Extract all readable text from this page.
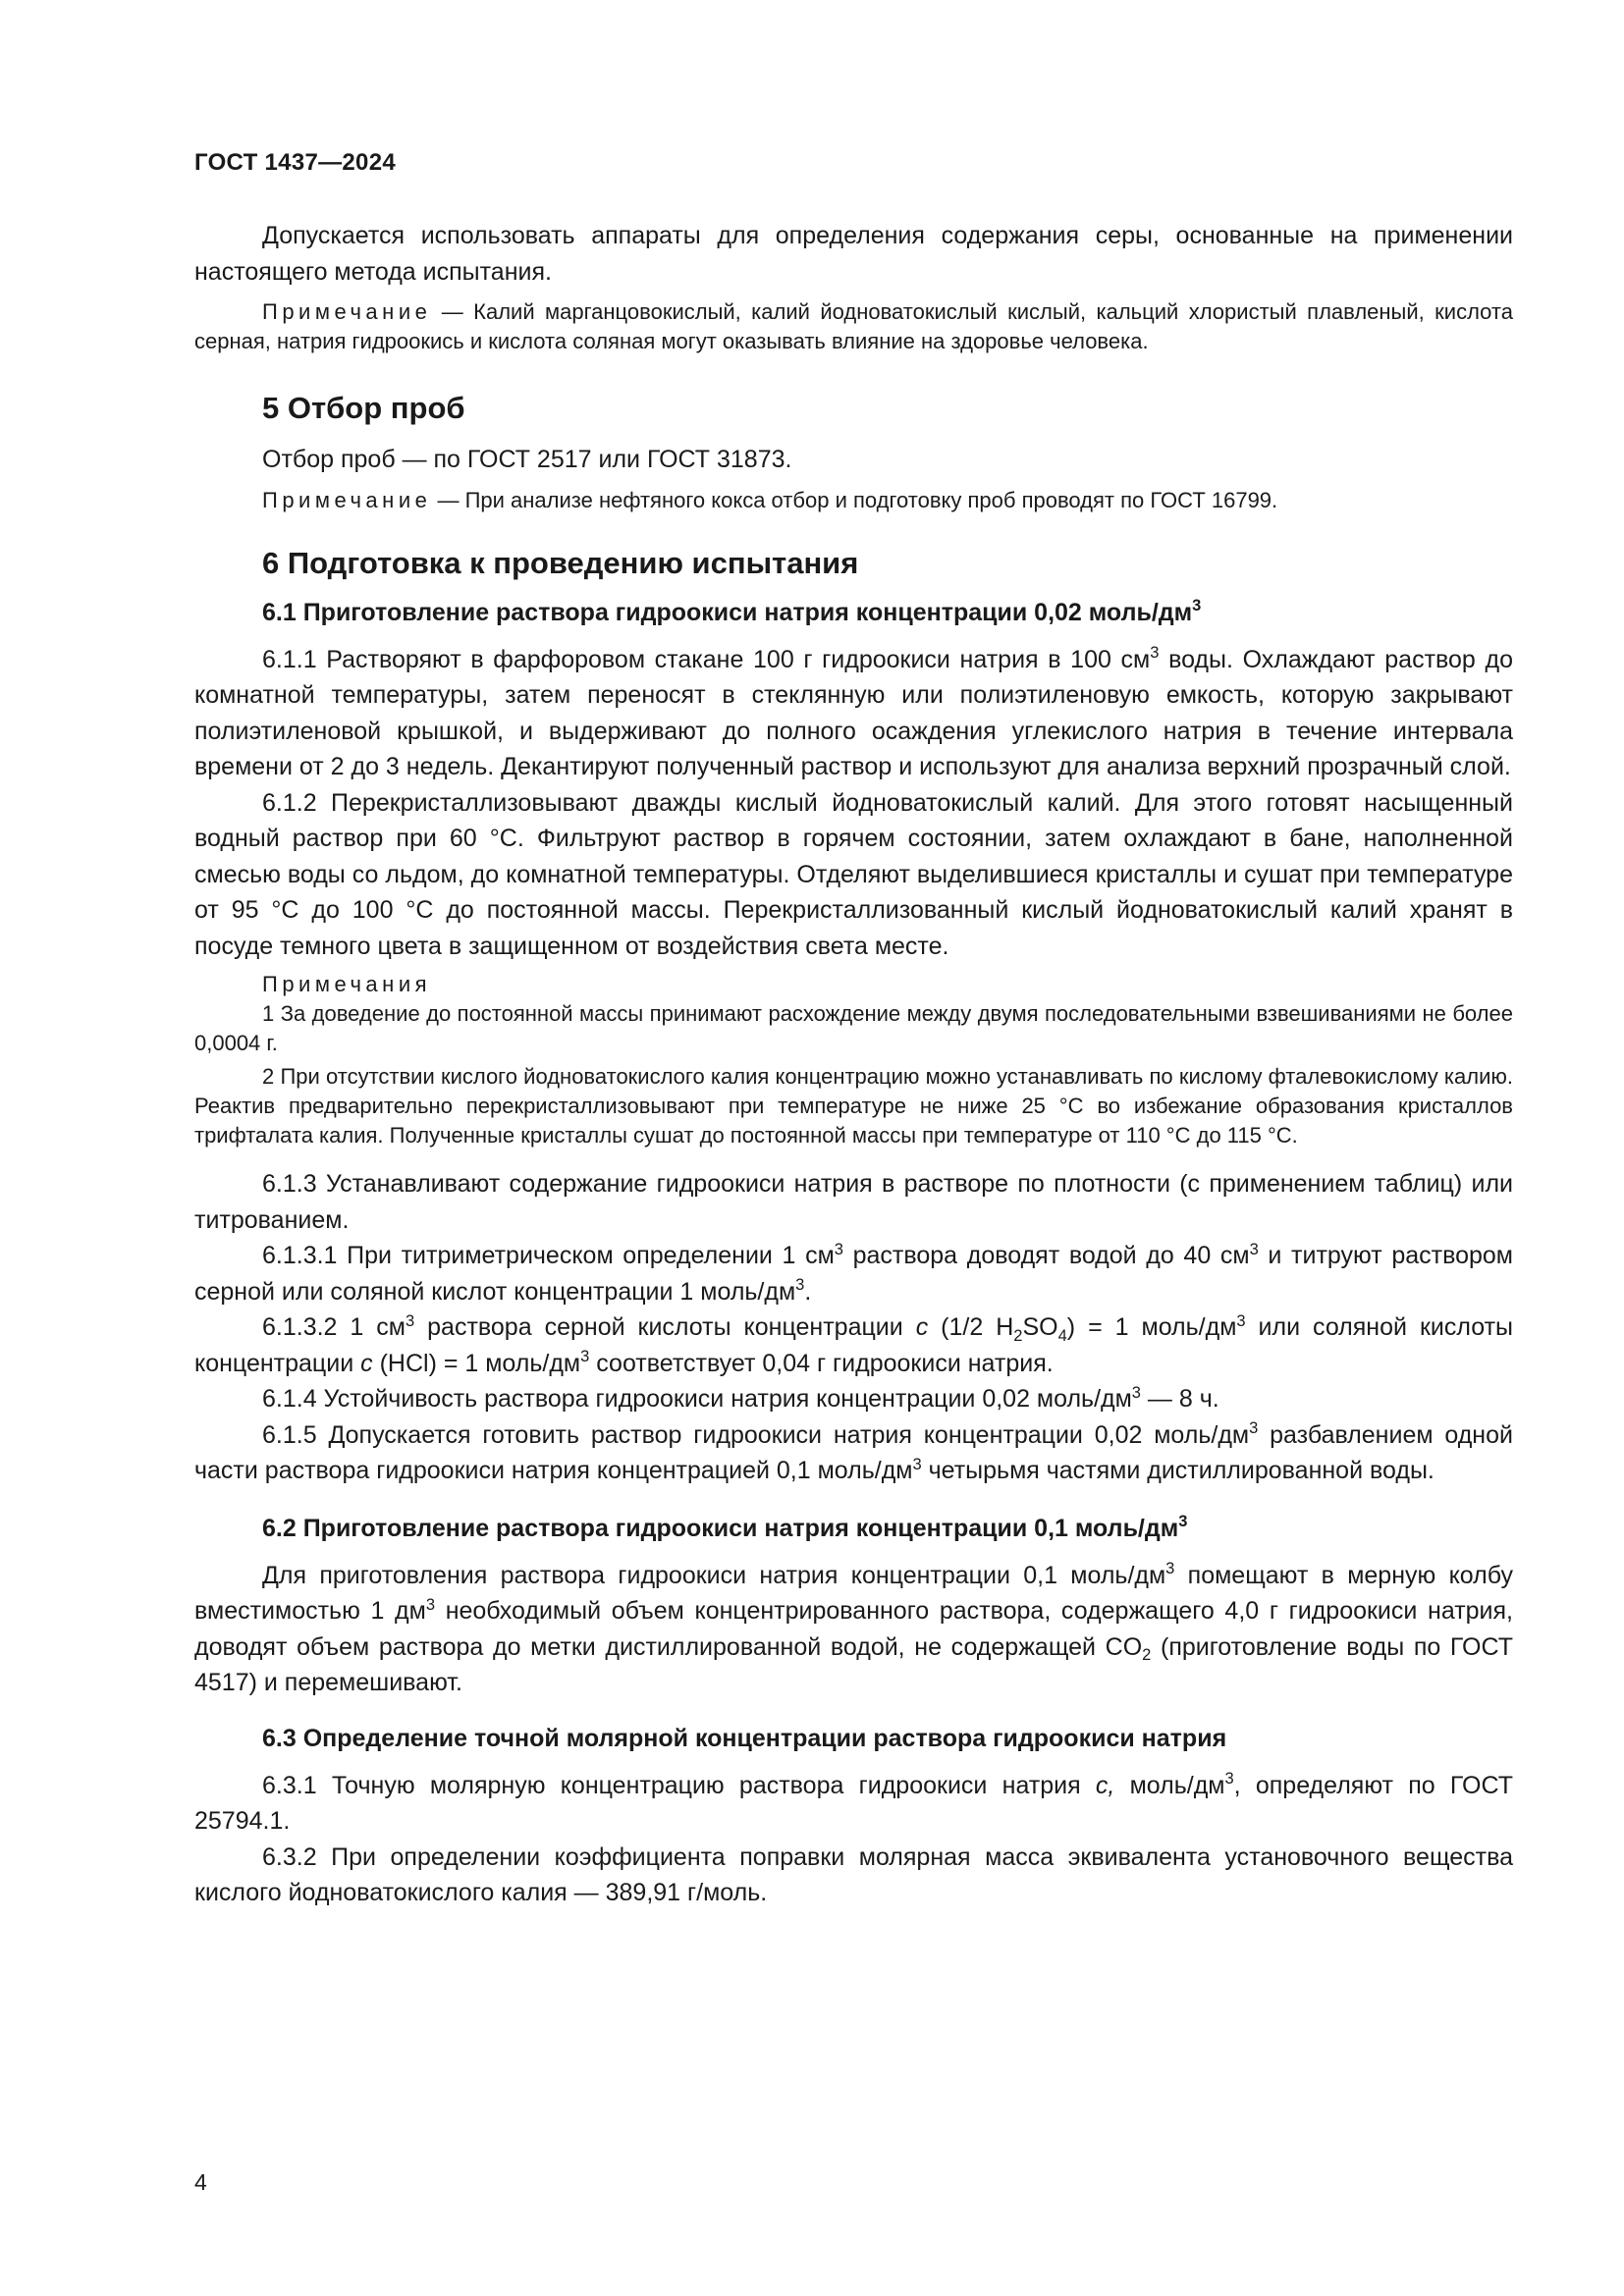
ГОСТ 1437—2024

Допускается использовать аппараты для определения содержания серы, основанные на применении настоящего метода испытания.

Примечание — Калий марганцовокислый, калий йодноватокислый кислый, кальций хлористый плавленый, кислота серная, натрия гидроокись и кислота соляная могут оказывать влияние на здоровье человека.

5 Отбор проб

Отбор проб — по ГОСТ 2517 или ГОСТ 31873.

Примечание — При анализе нефтяного кокса отбор и подготовку проб проводят по ГОСТ 16799.

6 Подготовка к проведению испытания
6.1 Приготовление раствора гидроокиси натрия концентрации 0,02 моль/$дм^3$

6.1.1 Растворяют в фарфоровом стакане 100 г гидроокиси натрия в 100 $см^3$ воды. Охлаждают раствор до комнатной температуры, затем переносят в стеклянную или полиэтиленовую емкость, которую закрывают полиэтиленовой крышкой, и выдерживают до полного осаждения углекислого натрия в течение интервала времени от 2 до 3 недель. Декантируют полученный раствор и используют для анализа верхний прозрачный слой.

6.1.2 Перекристаллизовывают дважды кислый йодноватокислый калий. Для этого готовят насыщенный водный раствор при 60 °С. Фильтруют раствор в горячем состоянии, затем охлаждают в бане, наполненной смесью воды со льдом, до комнатной температуры. Отделяют выделившиеся кристаллы и сушат при температуре от 95 °С до 100 °С до постоянной массы. Перекристаллизованный кислый йодноватокислый калий хранят в посуде темного цвета в защищенном от воздействия света месте.

Примечания

1 За доведение до постоянной массы принимают расхождение между двумя последовательными взвешиваниями не более 0,0004 г.

2 При отсутствии кислого йодноватокислого калия концентрацию можно устанавливать по кислому фталевокислому калию. Реактив предварительно перекристаллизовывают при температуре не ниже 25 °С во избежание образования кристаллов трифталата калия. Полученные кристаллы сушат до постоянной массы при температуре от 110 °С до 115 °С.

6.1.3 Устанавливают содержание гидроокиси натрия в растворе по плотности (с применением таблиц) или титрованием.

6.1.3.1 При титриметрическом определении 1 $см^3$ раствора доводят водой до 40 $см^3$ и титруют раствором серной или соляной кислот концентрации 1 моль/$дм^3$.

6.1.3.2 1 $см^3$ раствора серной кислоты концентрации c (1/2 $H_2SO_4) = 1$ моль/$дм^3$ или соляной кислоты концентрации c (HCl) = 1 моль/$дм^3$ соответствует 0,04 г гидроокиси натрия.

6.1.4 Устойчивость раствора гидроокиси натрия концентрации 0,02 моль/$дм^3$ — 8 ч.

6.1.5 Допускается готовить раствор гидроокиси натрия концентрации 0,02 моль/$дм^3$ разбавлением одной части раствора гидроокиси натрия концентрацией 0,1 моль/$дм^3$ четырьмя частями дистиллированной воды.

6.2 Приготовление раствора гидроокиси натрия концентрации 0,1 моль/$дм^3$

Для приготовления раствора гидроокиси натрия концентрации 0,1 моль/$дм^3$ помещают в мерную колбу вместимостью 1 $дм^3$ необходимый объем концентрированного раствора, содержащего 4,0 г гидроокиси натрия, доводят объем раствора до метки дистиллированной водой, не содержащей $CO_2$ (приготовление воды по ГОСТ 4517) и перемешивают.

6.3 Определение точной молярной концентрации раствора гидроокиси натрия

6.3.1 Точную молярную концентрацию раствора гидроокиси натрия c, моль/$дм^3$, определяют по ГОСТ 25794.1.

6.3.2 При определении коэффициента поправки молярная масса эквивалента установочного вещества кислого йодноватокислого калия — 389,91 г/моль.

4
